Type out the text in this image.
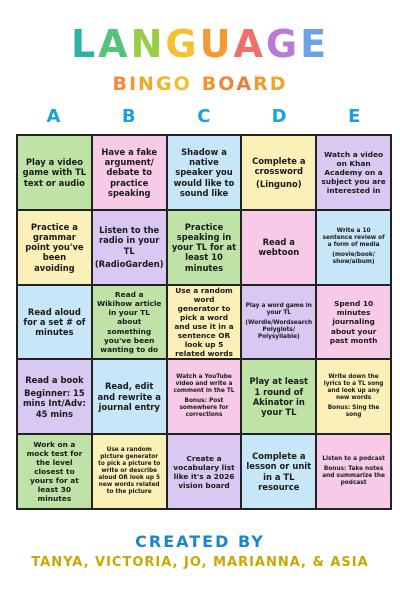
LANGUAGE
BINGO BOARD
A	B	C	D	E
Play a video game with TL text or audio
Have a fake argument/ debate to practice speaking
Shadow a native speaker you would like to sound like
Complete a crossword
(Linguno)
Watch a video on Khan Academy on a subject you are interested in
Practice a grammar point you've been avoiding
Listen to the radio in your TL
(RadioGarden)
Practice speaking in your TL for at least 10 minutes
Read a webtoon
Write a 10 sentence review of a form of media
(movie/book/ show/album)
Read aloud for a set # of minutes
Read a Wikihow article in your TL about something you've been wanting to do
Use a random word generator to pick a word and use it in a sentence OR look up 5 related words
Play a word game in your TL
(Wordle/Wordsearch Polyglots/ Polysyllable)
Spend 10 minutes journaling about your past month
Read a book
Beginner: 15 mins Int/Adv: 45 mins
Read, edit and rewrite a journal entry
Watch a YouTube video and write a comment in the TL
Bonus: Post somewhere for corrections
Play at least 1 round of Akinator in your TL
Write down the lyrics to a TL song and look up any new words
Bonus: Sing the song
Work on a mock test for the level closest to yours for at least 30 minutes
Use a random picture generator to pick a picture to write or describe aloud OR look up 5 new words related to the picture
Create a vocabulary list like it's a 2026 vision board
Complete a lesson or unit in a TL resource
Listen to a podcast
Bonus: Take notes and summarize the podcast
CREATED BY
TANYA, VICTORIA, JO, MARIANNA, & ASIA
